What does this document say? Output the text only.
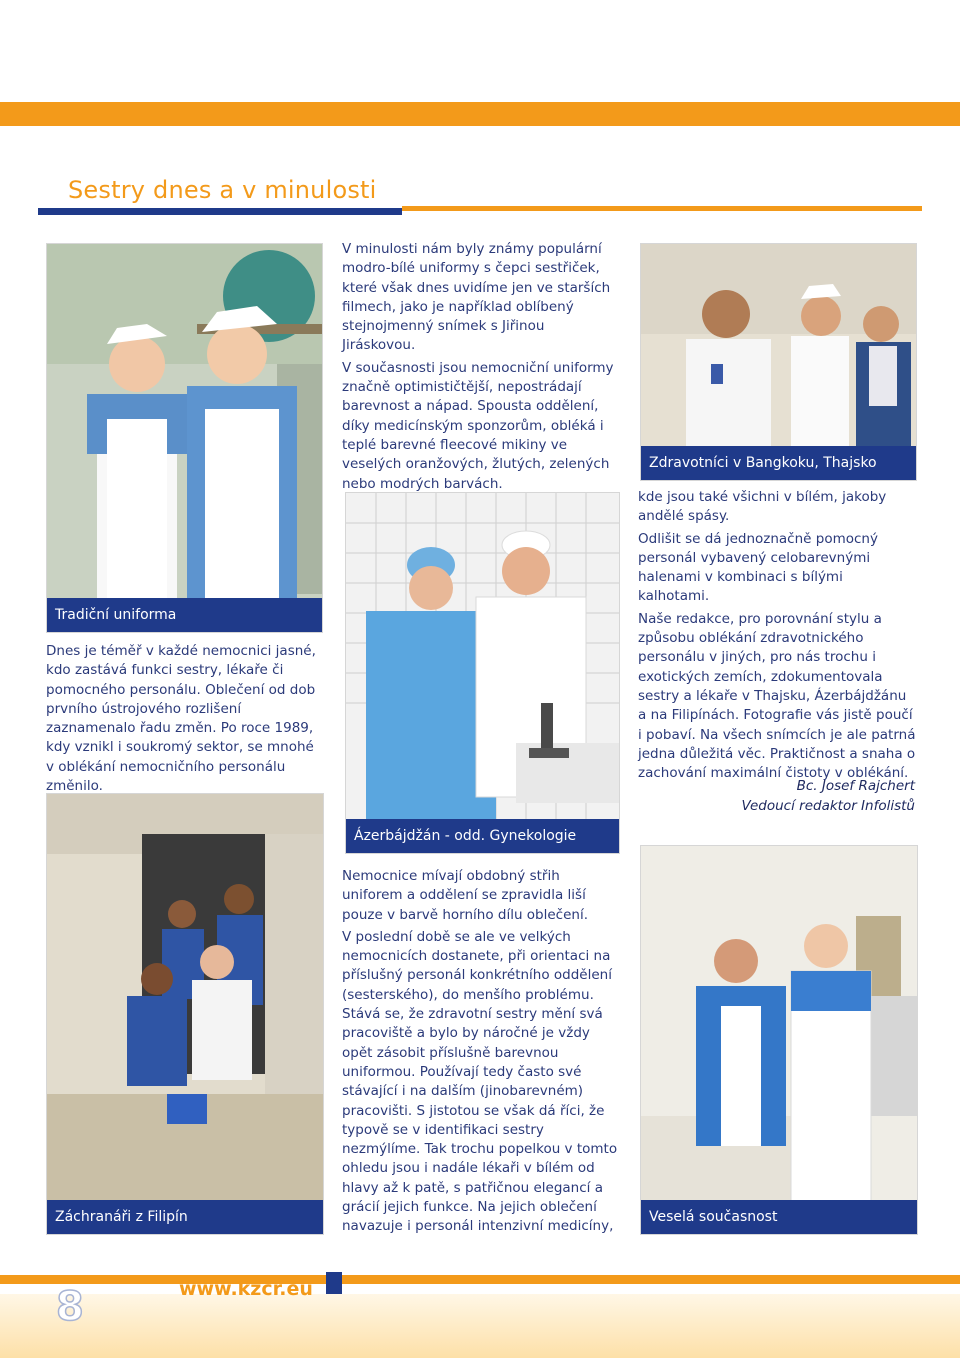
Sestry dnes a v minulosti
Tradiční uniforma

V minulosti nám byly známy populární modro-bílé uniformy s čepci sestřiček, které však dnes uvidíme jen ve starších filmech, jako je například oblíbený stejnojmenný snímek s Jiřinou Jiráskovou.

V současnosti jsou nemocniční uniformy značně optimističtější, nepostrádají barevnost a nápad. Spousta oddělení, díky medicínským sponzorům, obléká i teplé barevné fleecové mikiny ve veselých oranžových, žlutých, zelených nebo modrých barvách.

Zdravotníci v Bangkoku, Thajsko

kde jsou také všichni v bílém, jakoby andělé spásy.

Odlišit se dá jednoznačně pomocný personál vybavený celobarevnými halenami v kombinaci s bílými kalhotami.

Naše redakce, pro porovnání stylu a způsobu oblékání zdravotnického personálu v jiných, pro nás trochu i exotických zemích, zdokumentovala sestry a lékaře v Thajsku, Ázerbájdžánu a na Filipínách. Fotografie vás jistě poučí i pobaví. Na všech snímcích je ale patrná jedna důležitá věc. Praktičnost a snaha o zachování maximální čistoty v oblékání.

Bc. Josef Rajchert
Vedoucí redaktor Infolistů
Ázerbájdžán - odd. Gynekologie

Dnes je téměř v každé nemocnici jasné, kdo zastává funkci sestry, lékaře či pomocného personálu. Oblečení od dob prvního ústrojového rozlišení zaznamenalo řadu změn. Po roce 1989, kdy vznikl i soukromý sektor, se mnohé v oblékání nemocničního personálu změnilo.

Záchranáři z Filipín

Nemocnice mívají obdobný střih uniforem a oddělení se zpravidla liší pouze v barvě horního dílu oblečení.

V poslední době se ale ve velkých nemocnicích dostanete, při orientaci na příslušný personál konkrétního oddělení (sesterského), do menšího problému. Stává se, že zdravotní sestry mění svá pracoviště a bylo by náročné je vždy opět zásobit příslušně barevnou uniformou. Používají tedy často své stávající i na dalším (jinobarevném) pracovišti. S jistotou se však dá říci, že typově se v identifikaci sestry nezmýlíme. Tak trochu popelkou v tomto ohledu jsou i nadále lékaři v bílém od hlavy až k patě, s patřičnou elegancí a grácií jejich funkce. Na jejich oblečení navazuje i personál intenzivní medicíny,

Veselá současnost
www.kzcr.eu
8
